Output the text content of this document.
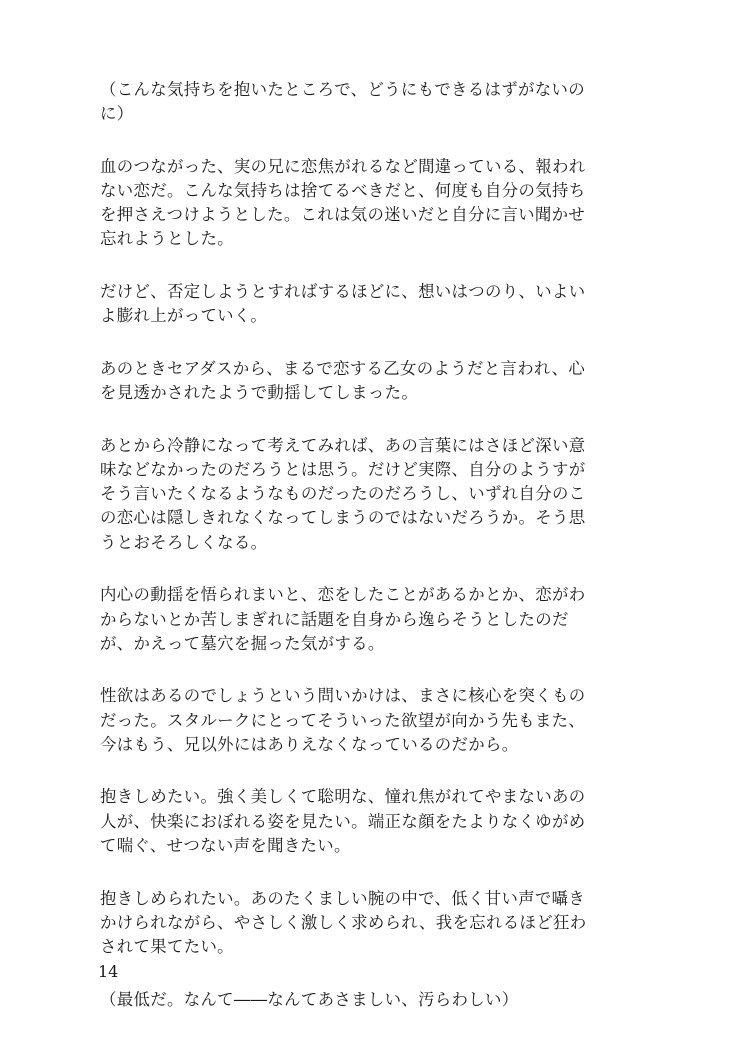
（こんな気持ちを抱いたところで、どうにもできるはずがないの
に）
血のつながった、実の兄に恋焦がれるなど間違っている、報われ
ない恋だ。こんな気持ちは捨てるべきだと、何度も自分の気持ち
を押さえつけようとした。これは気の迷いだと自分に言い聞かせ
忘れようとした。
だけど、否定しようとすればするほどに、想いはつのり、いよい
よ膨れ上がっていく。
あのときセアダスから、まるで恋する乙女のようだと言われ、心
を見透かされたようで動揺してしまった。
あとから冷静になって考えてみれば、あの言葉にはさほど深い意
味などなかったのだろうとは思う。だけど実際、自分のようすが
そう言いたくなるようなものだったのだろうし、いずれ自分のこ
の恋心は隠しきれなくなってしまうのではないだろうか。そう思
うとおそろしくなる。
内心の動揺を悟られまいと、恋をしたことがあるかとか、恋がわ
からないとか苦しまぎれに話題を自身から逸らそうとしたのだ
が、かえって墓穴を掘った気がする。
性欲はあるのでしょうという問いかけは、まさに核心を突くもの
だった。スタルークにとってそういった欲望が向かう先もまた、
今はもう、兄以外にはありえなくなっているのだから。
抱きしめたい。強く美しくて聡明な、憧れ焦がれてやまないあの
人が、快楽におぼれる姿を見たい。端正な顔をたよりなくゆがめ
て喘ぐ、せつない声を聞きたい。
抱きしめられたい。あのたくましい腕の中で、低く甘い声で囁き
かけられながら、やさしく激しく求められ、我を忘れるほど狂わ
されて果てたい。
（最低だ。なんて――なんてあさましい、汚らわしい）
14
